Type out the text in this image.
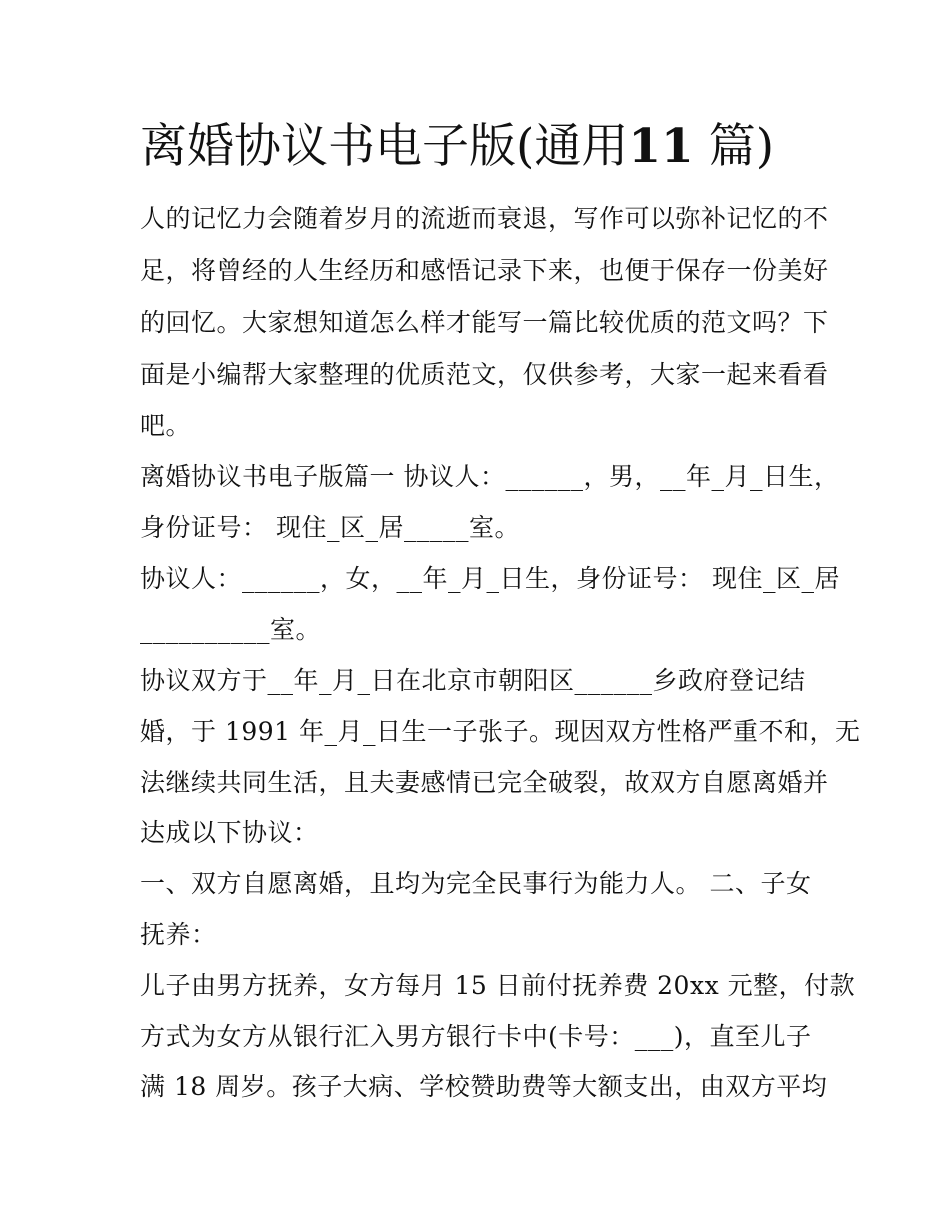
离婚协议书电子版(通用11 篇)
人的记忆力会随着岁月的流逝而衰退，写作可以弥补记忆的不
足，将曾经的人生经历和感悟记录下来，也便于保存一份美好
的回忆。大家想知道怎么样才能写一篇比较优质的范文吗？下
面是小编帮大家整理的优质范文，仅供参考，大家一起来看看
吧。
离婚协议书电子版篇一 协议人：______，男，__年_月_日生，
身份证号： 现住_区_居_____室。
协议人：______，女，__年_月_日生，身份证号： 现住_区_居
__________室。
协议双方于__年_月_日在北京市朝阳区______乡政府登记结
婚，于 1991 年_月_日生一子张子。现因双方性格严重不和，无
法继续共同生活，且夫妻感情已完全破裂，故双方自愿离婚并
达成以下协议：
一、双方自愿离婚，且均为完全民事行为能力人。 二、子女
抚养：
儿子由男方抚养，女方每月 15 日前付抚养费 20xx 元整，付款
方式为女方从银行汇入男方银行卡中(卡号：___)，直至儿子
满 18 周岁。孩子大病、学校赞助费等大额支出，由双方平均
